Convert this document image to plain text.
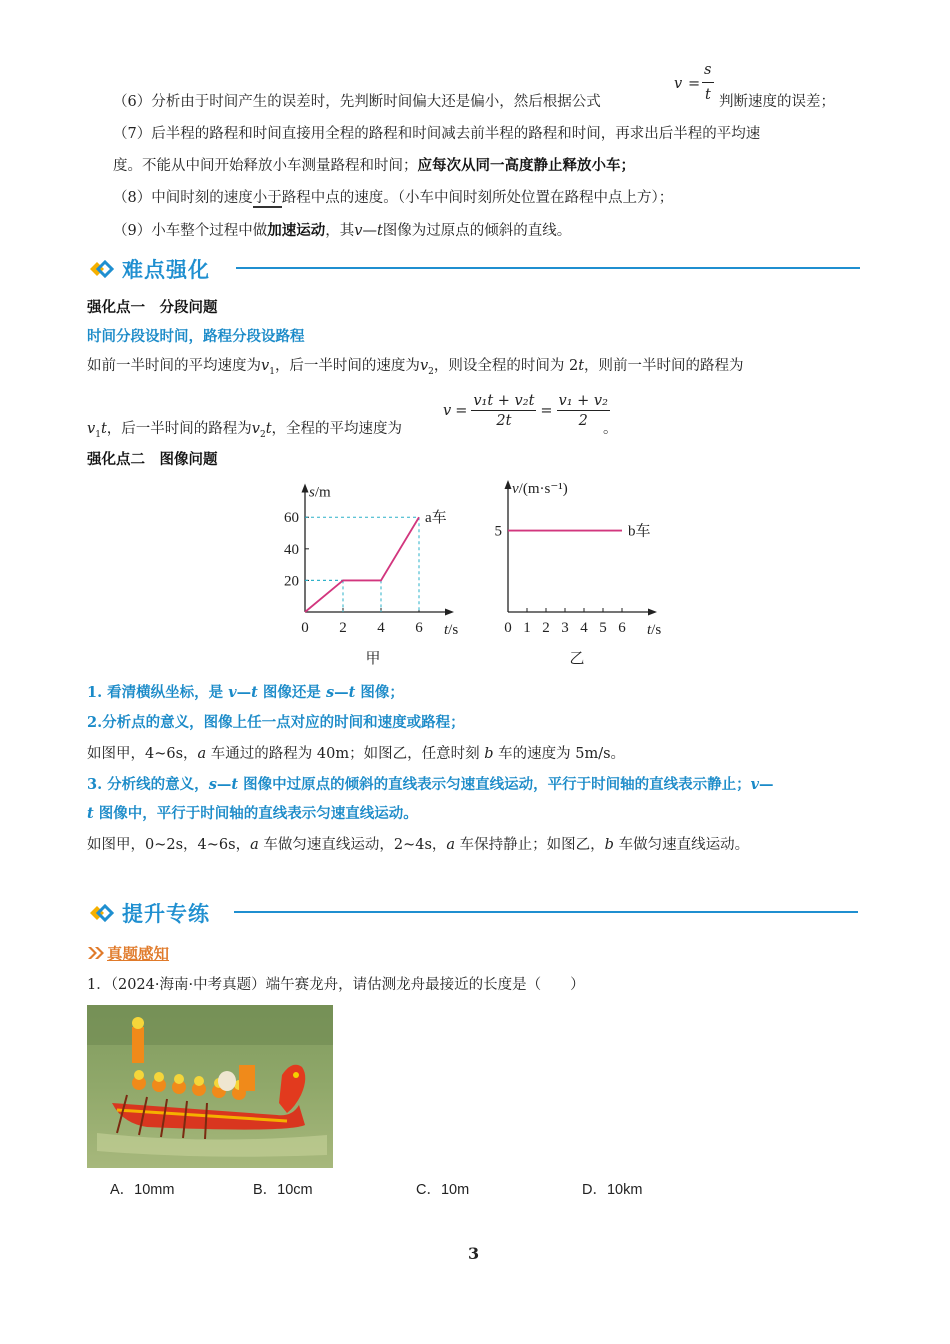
（6）分析由于时间产生的误差时，先判断时间偏大还是偏小，然后根据公式
v =
s
t 判断速度的误差；
（7）后半程的路程和时间直接用全程的路程和时间减去前半程的路程和时间，再求出后半程的平均速
度。不能从中间开始释放小车测量路程和时间；应每次从同一高度静止释放小车；
（8）中间时刻的速度小于路程中点的速度。（小车中间时刻所处位置在路程中点上方）；
（9）小车整个过程中做加速运动，其v—t图像为过原点的倾斜的直线。
难点强化
强化点一　分段问题
时间分段设时间，路程分段设路程
如前一半时间的平均速度为$v_1$，后一半时间的速度为$v_2$，则设全程的时间为 2t，则前一半时间的路程为
$v_1t$，后一半时间的路程为$v_2t$，全程的平均速度为
$v = \frac{\text{v₁t + v₂t}}{2t} = \frac{\text{v₁ + v₂}}{2}$
。
强化点二　图像问题
0 2 4 6
20
40
60	a车
s/m
t/s
甲
0 1 2 3 4 5 6
5	b车
v/(m·s⁻¹)
t/s
乙
1. 看清横纵坐标，是 v—t 图像还是 s—t 图像；
2.分析点的意义，图像上任一点对应的时间和速度或路程；
如图甲，4~6s，a 车通过的路程为 40m；如图乙，任意时刻 b 车的速度为 5m/s。
3. 分析线的意义，s—t 图像中过原点的倾斜的直线表示匀速直线运动，平行于时间轴的直线表示静止；v—
t 图像中，平行于时间轴的直线表示匀速直线运动。
如图甲，0~2s，4~6s，a 车做匀速直线运动，2~4s，a 车保持静止；如图乙，b 车做匀速直线运动。
提升专练
真题感知
1．（2024·海南·中考真题）端午赛龙舟，请估测龙舟最接近的长度是（　　）
A．10mm	B．10cm	C．10m	D．10km
3
